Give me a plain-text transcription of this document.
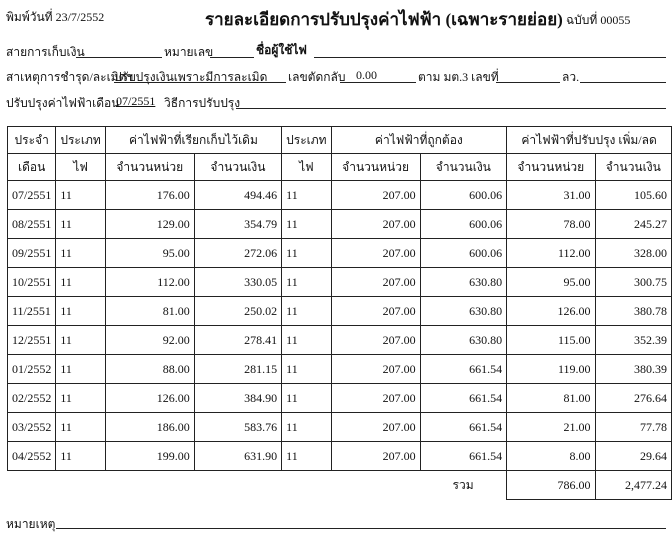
พิมพ์วันที่ 23/7/2552	รายละเอียดการปรับปรุงค่าไฟฟ้า (เฉพาะรายย่อย) ฉบับที่ 00055
สายการเก็บเงิน	หมายเลข	ชื่อผู้ใช้ไฟ
สาเหตุการชำรุด/ละเมิดฯ
ปรับปรุงเงินเพราะมีการละเมิด เลขตัดกลับ 0.00	ตาม มต.3 เลขที่	ลว.
ปรับปรุงค่าไฟฟ้าเดือน
07/2551 วิธีการปรับปรุง
ประจำ	ประเภท	ค่าไฟฟ้าที่เรียกเก็บไว้เดิม		ประเภท	ค่าไฟฟ้าที่ถูกต้อง		ค่าไฟฟ้าที่ปรับปรุง เพิ่ม/ลด	
เดือน	ไฟ	จำนวนหน่วย	จำนวนเงิน	ไฟ	จำนวนหน่วย	จำนวนเงิน	จำนวนหน่วย	จำนวนเงิน
07/2551	11	176.00	494.46	11	207.00	600.06	31.00	105.60
08/2551	11	129.00	354.79	11	207.00	600.06	78.00	245.27
09/2551	11	95.00	272.06	11	207.00	600.06	112.00	328.00
10/2551	11	112.00	330.05	11	207.00	630.80	95.00	300.75
11/2551	11	81.00	250.02	11	207.00	630.80	126.00	380.78
12/2551	11	92.00	278.41	11	207.00	630.80	115.00	352.39
01/2552	11	88.00	281.15	11	207.00	661.54	119.00	380.39
02/2552	11	126.00	384.90	11	207.00	661.54	81.00	276.64
03/2552	11	186.00	583.76	11	207.00	661.54	21.00	77.78
04/2552	11	199.00	631.90	11	207.00	661.54	8.00	29.64
						รวม	786.00	2,477.24
หมายเหตุ
